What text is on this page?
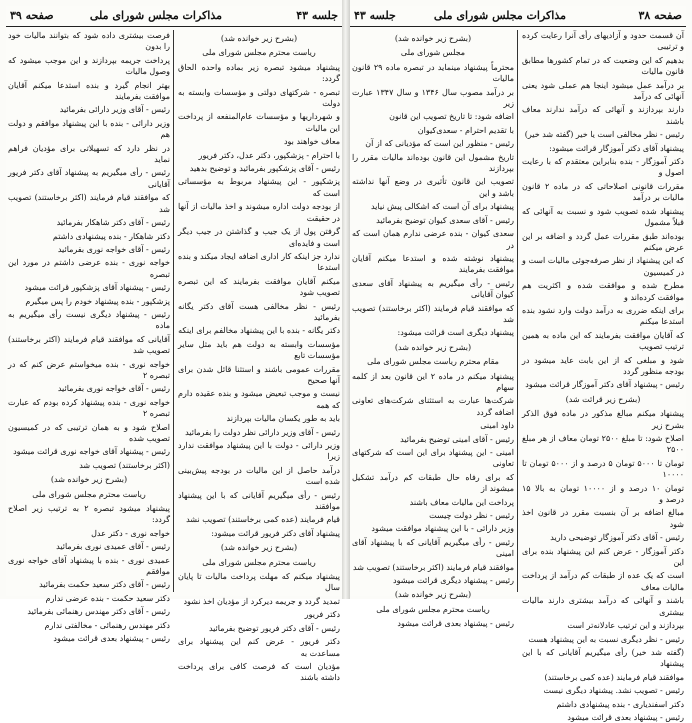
صفحه ۳۸
مذاکرات مجلس شورای ملی
جلسه ۴۳

آن قسمت حدود و آزادیهای رأی آنرا رعایت کرده و ترتیبی

بدهیم که این وضعیت که در تمام کشورها مطابق قانون مالیات

بر درآمد عمل میشود اینجا هم عملی شود یعنی آنهائی که درآمد

دارند بپردازند و آنهائی که درآمد ندارند معاف باشند

رئیس - نظر مخالفی است یا خیر (گفته شد خیر)

پیشنهاد آقای دکتر آموزگار قرائت میشود:

دکتر آموزگار - بنده بنابراین معتقدم که با رعایت اصول و

مقررات قانونی اصلاحاتی که در ماده ۲ قانون مالیات بر درآمد

پیشنهاد شده تصویب شود و نسبت به آنهائی که قبلاً مشمول

بوده‌اند طبق مقررات عمل گردد و اضافه بر این عرض میکنم

که این پیشنهاد از نظر صرفه‌جوئی مالیات است و در کمیسیون

مطرح شده و موافقت شده و اکثریت هم موافقت کرده‌اند و

برای اینکه ضرری به درآمد دولت وارد نشود بنده استدعا میکنم

که آقایان موافقت بفرمایند که این ماده به همین ترتیب تصویب

شود و مبلغی که از این بابت عاید میشود در بودجه منظور گردد

رئیس - پیشنهاد آقای دکتر آموزگار قرائت میشود

(بشرح زیر قرائت شد)

پیشنهاد میکنم مبالغ مذکور در ماده فوق الذکر بشرح زیر

اصلاح شود: تا مبلغ ۲۵۰۰ تومان معاف از هر مبلغ ۲۵۰۰

تومان تا ۵۰۰۰ تومان ۵ درصد و از ۵۰۰۰ تومان تا ۱۰۰۰۰

تومان ۱۰ درصد و از ۱۰۰۰۰ تومان به بالا ۱۵ درصد و

مبالغ اضافه بر آن بنسبت مقرر در قانون اخذ شود

رئیس - آقای دکتر آموزگار توضیحی دارید

دکتر آموزگار - عرض کنم این پیشنهاد بنده برای این

است که یک عده از طبقات کم درآمد از پرداخت مالیات معاف

باشند و آنهائی که درآمد بیشتری دارند مالیات بیشتری

بپردازند و این ترتیب عادلانه‌تر است

رئیس - نظر دیگری نسبت به این پیشنهاد هست

(گفته شد خیر) رأی میگیریم آقایانی که با این پیشنهاد

موافقند قیام فرمایند (عده کمی برخاستند)

رئیس - تصویب نشد. پیشنهاد دیگری نیست

دکتر اسفندیاری - بنده پیشنهادی داشتم

رئیس - پیشنهاد بعدی قرائت میشود

(بشرح زیر خوانده شد)

مجلس شورای ملی

محترماً پیشنهاد مینماید در تبصره ماده ۲۹ قانون مالیات

بر درآمد مصوب سال ۱۳۴۶ و سال ۱۳۴۷ عبارت زیر

اضافه شود: تا تاریخ تصویب این قانون

با تقدیم احترام - سعدی‌کیوان

رئیس - منظور این است که مؤدیانی که از آن

تاریخ مشمول این قانون بوده‌اند مالیات مقرر را بپردازند

تصویب این قانون تأثیری در وضع آنها نداشته باشد و این

پیشنهاد برای آن است که اشکالی پیش نیاید

رئیس - آقای سعدی کیوان توضیح بفرمائید

سعدی کیوان - بنده عرضی ندارم همان است که در

پیشنهاد نوشته شده و استدعا میکنم آقایان موافقت بفرمایند

رئیس - رأی میگیریم به پیشنهاد آقای سعدی کیوان آقایانی

که موافقند قیام فرمایند (اکثر برخاستند) تصویب شد

پیشنهاد دیگری است قرائت میشود:

(بشرح زیر خوانده شد)

مقام محترم ریاست مجلس شورای ملی

پیشنهاد میکنم در ماده ۲ این قانون بعد از کلمه سهام

شرکت‌ها عبارت به استثنای شرکت‌های تعاونی اضافه گردد

داود امینی

رئیس - آقای امینی توضیح بفرمائید

امینی - این پیشنهاد برای این است که شرکتهای تعاونی

که برای رفاه حال طبقات کم درآمد تشکیل میشوند از

پرداخت این مالیات معاف باشند

رئیس - نظر دولت چیست

وزیر دارائی - با این پیشنهاد موافقت میشود

رئیس - رأی میگیریم آقایانی که با پیشنهاد آقای امینی

موافقند قیام فرمایند (اکثر برخاستند) تصویب شد

رئیس - پیشنهاد دیگری قرائت میشود

(بشرح زیر خوانده شد)

ریاست محترم مجلس شورای ملی

رئیس - پیشنهاد بعدی قرائت میشود

جلسه ۴۳
مذاکرات مجلس شورای ملی
صفحه ۳۹

(بشرح زیر خوانده شد)

ریاست محترم مجلس شورای ملی

پیشنهاد میشود تبصره زیر بماده واحده الحاق گردد:

تبصره - شرکتهای دولتی و مؤسسات وابسته به دولت

و شهرداریها و مؤسسات عام‌المنفعه از پرداخت این مالیات

معاف خواهند بود

با احترام - پزشکپور، دکتر عدل، دکتر فریور

رئیس - آقای پزشکپور بفرمائید و توضیح بدهید

پزشکپور - این پیشنهاد مربوط به مؤسساتی است که

از بودجه دولت اداره میشوند و اخذ مالیات از آنها در حقیقت

گرفتن پول از یک جیب و گذاشتن در جیب دیگر است و فایده‌ای

ندارد جز اینکه کار اداری اضافه ایجاد میکند و بنده استدعا

میکنم آقایان موافقت بفرمایند که این تبصره تصویب شود

رئیس - نظر مخالفی هست آقای دکتر یگانه بفرمائید

دکتر یگانه - بنده با این پیشنهاد مخالفم برای اینکه

مؤسسات وابسته به دولت هم باید مثل سایر مؤسسات تابع

مقررات عمومی باشند و استثنا قائل شدن برای آنها صحیح

نیست و موجب تبعیض میشود و بنده عقیده دارم که همه

باید به طور یکسان مالیات بپردازند

رئیس - آقای وزیر دارائی نظر دولت را بفرمائید

وزیر دارائی - دولت با این پیشنهاد موافقت ندارد زیرا

درآمد حاصل از این مالیات در بودجه پیش‌بینی شده است

رئیس - رأی میگیریم آقایانی که با این پیشنهاد موافقند

قیام فرمایند (عده کمی برخاستند) تصویب نشد

پیشنهاد آقای دکتر فریور قرائت میشود:

(بشرح زیر خوانده شد)

ریاست محترم مجلس شورای ملی

پیشنهاد میکنم که مهلت پرداخت مالیات تا پایان سال

تمدید گردد و جریمه دیرکرد از مؤدیان اخذ نشود

دکتر فریور

رئیس - آقای دکتر فریور توضیح بفرمائید

دکتر فریور - عرض کنم این پیشنهاد برای مساعدت به

مؤدیان است که فرصت کافی برای پرداخت داشته باشند

فرصت بیشتری داده شود که بتوانند مالیات خود را بدون

پرداخت جریمه بپردازند و این موجب میشود که وصول مالیات

بهتر انجام گیرد و بنده استدعا میکنم آقایان موافقت بفرمایند

رئیس - آقای وزیر دارائی بفرمائید

وزیر دارائی - بنده با این پیشنهاد موافقم و دولت هم

در نظر دارد که تسهیلاتی برای مؤدیان فراهم نماید

رئیس - رأی میگیریم به پیشنهاد آقای دکتر فریور آقایانی

که موافقند قیام فرمایند (اکثر برخاستند) تصویب شد

رئیس - آقای دکتر شاهکار بفرمائید

دکتر شاهکار - بنده پیشنهادی داشتم

رئیس - آقای خواجه نوری بفرمائید

خواجه نوری - بنده عرضی داشتم در مورد این تبصره

رئیس - پیشنهاد آقای پزشکپور قرائت میشود

پزشکپور - بنده پیشنهاد خودم را پس میگیرم

رئیس - پیشنهاد دیگری نیست رأی میگیریم به ماده

آقایانی که موافقند قیام فرمایند (اکثر برخاستند) تصویب شد

خواجه نوری - بنده میخواستم عرض کنم که در تبصره ۲

رئیس - آقای خواجه نوری بفرمائید

خواجه نوری - بنده پیشنهاد کرده بودم که عبارت تبصره ۲

اصلاح شود و به همان ترتیبی که در کمیسیون تصویب شده

رئیس - پیشنهاد آقای خواجه نوری قرائت میشود

(اکثر برخاستند) تصویب شد

(بشرح زیر خوانده شد)

ریاست محترم مجلس شورای ملی

پیشنهاد میشود تبصره ۲ به ترتیب زیر اصلاح گردد:

خواجه نوری - دکتر عدل

رئیس - آقای عمیدی نوری بفرمائید

عمیدی نوری - بنده با پیشنهاد آقای خواجه نوری موافقم

رئیس - آقای دکتر سعید حکمت بفرمائید

دکتر سعید حکمت - بنده عرضی ندارم

رئیس - آقای دکتر مهندس رهنمائی بفرمائید

دکتر مهندس رهنمائی - مخالفتی ندارم

رئیس - پیشنهاد بعدی قرائت میشود
